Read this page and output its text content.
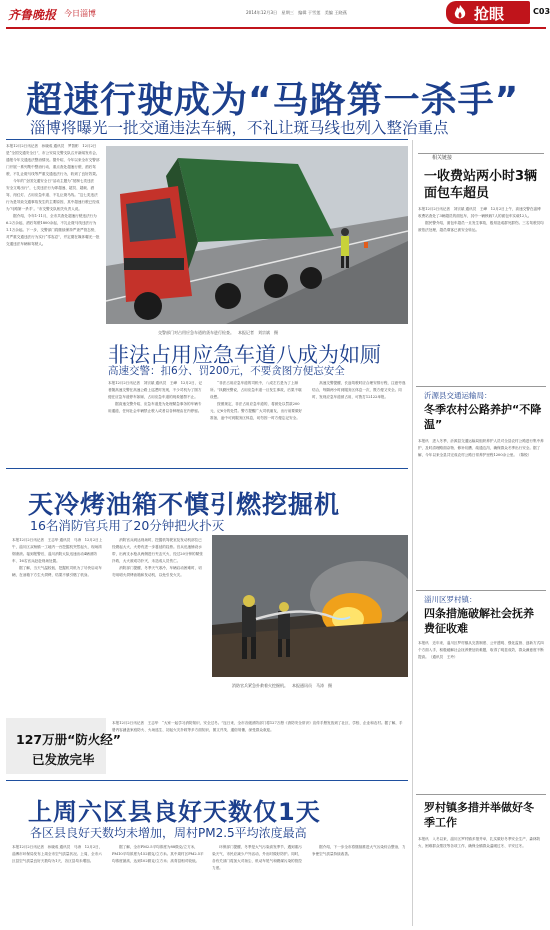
齐鲁晚报 今日淄博	2014年12月3日　星期三　编辑 于雪莲　美编 王晓燕	抢眼	C03
超速行驶成为“马路第一杀手”
淄博将曝光一批交通违法车辆，不礼让斑马线也列入整治重点
本报12月2日讯记者　孙晓成 通讯员　罗智彬　12月2日是“全国交通安全日”，市公安局交警支队召开新闻发布会，通报今年交通违法整治情况。据介绍，今年以来全市交警部门开展一系列集中整治行动，重点查处超速行驶、酒后驾驶、不礼让斑马线等严重交通违法行为，收到了良好效果。
　　今年的“全国交通安全日”活动主题为“抵制七类违法　安全文明出行”，七类违法行为即超速、超员、超载、酒驾、闯红灯、占用应急车道、不礼让斑马线。“这七类违法行为是导致交通事故发生的主要原因，其中超速行驶已经成为‘马路第一杀手’。”市交警支队相关负责人说。
　　据介绍，今年1-11月，全市共查处超速行驶违法行为6.2万余起，酒后驾驶1800余起，不礼让斑马线违法行为1.1万余起。下一步，交警部门将继续保持严查严管态势，对严重交通违法行为实行“零容忍”，并定期在媒体曝光一批交通违法车辆和驾驶人。
交警部门对占用应急车道的货车进行检查。　本报记者　刘宗斌　摄
非法占用应急车道八成为如厕
高速交警：扣6分、罚200元，不要贪图方便忘安全
本报12月2日讯记者　刘宗斌 通讯员　王峰　12月2日，记者随高速交警在高速公路上巡逻时发现，不少司机为了图方便在应急车道停车如厕，占用应急车道的现象屡禁不止。
　　据高速交警介绍，应急车道是为处理紧急事务的车辆专用通道，任何社会车辆禁止驶入或者以各种理由在内停留。
　　“非法占用应急车道的司机中，八成左右是为了上厕所。”执勤民警说，占用应急车道一旦发生事故，后果不堪设想。
　　按照规定，非法占用应急车道的，将被处以罚款200元、记6分的处罚。警方提醒广大司机朋友，出行前要做好准备，途中可到服务区休息，切勿因一时方便忘记安全。
　　高速交警提醒，长途驾驶时应合理安排行程，注意劳逸结合，每隔两小时到服务区休息一次，既方便又安全。同时，发现应急车道被占用，可拨打12122举报。
天冷烤油箱不慎引燃挖掘机
16名消防官兵用了20分钟把火扑灭
本报12月2日讯记者　王志华 通讯员　马涛　12月2日上午，淄川区双杨镇一工地内一台挖掘机突然起火，现场浓烟滚滚。接到报警后，淄川消防大队迅速出动4辆消防车、16名官兵赶赴现场处置。
　　据了解，当天气温较低，挖掘机司机为了尽快启动车辆，在油箱下方生火烘烤，结果不慎引燃了机身。
　　消防官兵到达现场时，挖掘机驾驶室及发动机部位已经燃起大火，火势有进一步蔓延的趋势。官兵迅速铺设水带，出两支水枪从两侧进行夹击灭火，经过20分钟的紧张扑救，大火被成功扑灭，未造成人员伤亡。
　　消防部门提醒，冬季天气寒冷，车辆启动困难时，切勿用明火烘烤油箱和发动机，以免引发火灾。
消防官兵紧急扑救着火挖掘机。　本报通讯员　马涛　摄
127万册“防火经”
已发放完毕
本报12月2日讯记者　王志华　“大家一起学习消防知识，安全过冬。”连日来，全市各级消防部门将127万册《消防安全常识》宣传手册发放到了社区、学校、企业和农村。据了解，手册内容涵盖家庭防火、火场逃生、初起火灾扑救等多方面知识，图文并茂、通俗易懂，深受群众欢迎。
上周六区县良好天数仅1天
各区县良好天数均未增加，周村PM2.5平均浓度最高
本报12月2日讯记者　孙晓成 通讯员　马涛　12月2日，淄博市环保局发布上周全市空气质量状况。上周，全市六区县空气质量良好天数均为1天，各区县均未增加。
　　据了解，全市PM2.5平均浓度为88微克/立方米，PM10平均浓度为152微克/立方米。其中周村区PM2.5平均浓度最高，达到102微克/立方米；高青县相对较低。
　　环保部门提醒，冬季是大气污染高发季节，遇到重污染天气，市民应减少户外活动，外出时做好防护。同时，各有关部门将加大对扬尘、机动车尾气和燃煤污染的管控力度。
　　据介绍，下一步全市将继续推进大气污染综合整治，力争使空气质量持续改善。
相关链接
一收费站两小时3辆面包车超员
本报12月2日讯记者　刘宗斌 通讯员　王峰　12月2日上午，高速交警在淄博收费站查处了3辆超员的面包车，其中一辆核载7人的面包车实载12人。
　　据民警介绍，面包车超员一旦发生事故，极易造成群死群伤。三名驾驶员均被依法处理，超员乘客已被安全转运。
沂源县交通运输局：
冬季农村公路养护“不降温”
本报讯　进入冬季，沂源县交通运输局组织养护人员对全县农村公路进行集中养护，及时清理路面杂物、修补坑槽、疏通边沟，确保群众冬季出行安全。据了解，今年以来全县共完成农村公路日常养护里程1200余公里。（陈锐）
淄川区罗村镇：
四条措施破解社会抚养费征收难
本报讯　近年来，淄川区罗村镇从完善制度、公开透明、强化监督、创新方式四个方面入手，积极破解社会抚养费征收难题，取得了明显成效，群众满意度不断提高。（通讯员　王玲）
罗村镇多措并举做好冬季工作
本报讯　入冬以来，淄川区罗村镇多措并举，扎实做好冬季安全生产、森林防火、困难群众帮扶等各项工作，确保全镇群众温暖过冬、平安过冬。
